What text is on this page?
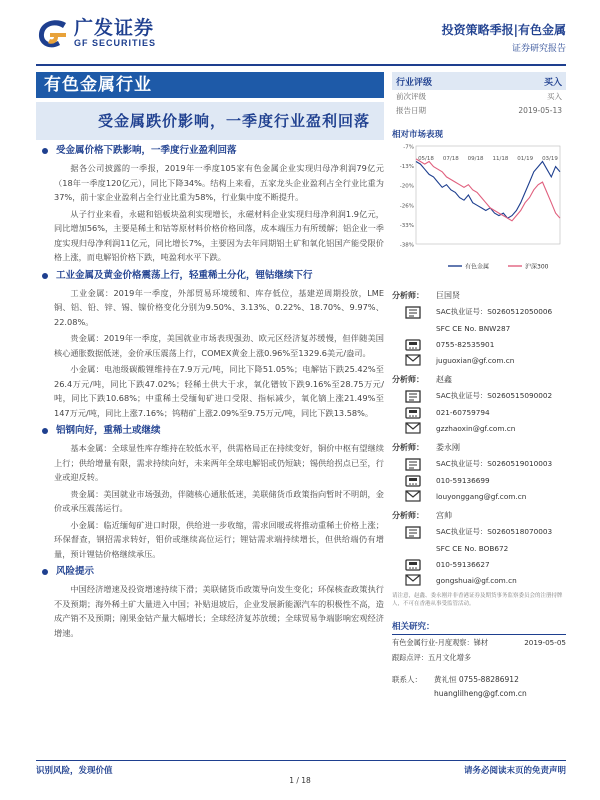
广发证券
GF SECURITIES
投资策略季报|有色金属
证券研究报告
有色金属行业
受金属跌价影响，一季度行业盈利回落
受金属价格下跌影响，一季度行业盈利回落

据各公司披露的一季报，2019年一季度105家有色金属企业实现归母净利润79亿元（18年一季度120亿元），同比下降34%。结构上来看，五家龙头企业盈利占全行业比重为37%，前十家企业盈利占全行业比重为58%，行业集中度不断提升。

从子行业来看，永磁和铝板块盈利实现增长，永磁材料企业实现归母净利润1.9亿元，同比增加56%，主要是稀土和钴等原材料价格价格回落，成本端压力有所缓解；铝企业一季度实现归母净利润11亿元，同比增长7%，主要因为去年同期铝土矿和氧化铝国产能受限价格上涨，而电解铝价格下跌，吨盈利水平下跌。

工业金属及黄金价格震荡上行，轻重稀土分化，锂钴继续下行

工业金属：2019年一季度，外部贸易环境缓和、库存低位，基建逆周期投放，LME铜、铝、铅、锌、锡、镍价格变化分别为9.50%、3.13%、0.22%、18.70%、9.97%、22.08%。

贵金属：2019年一季度，美国就业市场表现强劲、欧元区经济复苏缓慢，但伴随美国核心通胀数据低迷，金价承压震荡上行，COMEX黄金上涨0.96%至1329.6美元/盎司。

小金属：电池级碳酸锂维持在7.9万元/吨，同比下降51.05%；电解钴下跌25.42%至26.4万元/吨，同比下跌47.02%；轻稀土供大于求，氧化镨钕下跌9.16%至28.75万元/吨，同比下跌10.68%；中重稀土受缅甸矿进口受限、指标减少，氧化镝上涨21.49%至147万元/吨，同比上涨7.16%；钨精矿上涨2.09%至9.75万元/吨，同比下跌13.58%。

铝钢向好，重稀土或继续

基本金属：全球显性库存维持在较低水平，供需格局正在持续变好，铜价中枢有望继续上行；供给增量有限，需求持续向好，未来两年全球电解铝或仍短缺；锡供给拐点已至，行业或迎反转。

贵金属：美国就业市场强劲，伴随核心通胀低迷，美联储货币政策指向暂时不明朗，金价或承压震荡运行。

小金属：临近缅甸矿进口时限，供给进一步收缩，需求回暖或将推动重稀土价格上涨；环保督查，钢招需求转好，钼价或继续高位运行；锂钴需求端持续增长，但供给端仍有增量，预计锂钴价格继续承压。

风险提示

中国经济增速及投资增速持续下滑；美联储货币政策导向发生变化；环保核查政策执行不及预期；海外稀土矿大量进入中国；补贴退坡后，企业发展新能源汽车的积极性不高，造成产销不及预期；刚果金钴产量大幅增长；全球经济复苏放缓；全球贸易争端影响宏观经济增速。

行业评级	买入
前次评级	买入
报告日期	2019-05-13
相对市场表现
-7%
-13%
-20%
-26%
-33%
-38%
05/18 07/18 09/18 11/18 01/19 03/19
有色金属	沪深300
分析师：	巨国贤
SAC执业证号：S0260512050006
SFC CE No. BNW287
0755-82535901
juguoxian@gf.com.cn
分析师：	赵鑫
SAC执业证号：S0260515090002
021-60759794
gzzhaoxin@gf.com.cn
分析师：	娄永刚
SAC执业证号：S0260519010003
010-59136699
louyonggang@gf.com.cn
分析师：	宫帅
SAC执业证号：S0260518070003
SFC CE No. BOB672
010-59136627
gongshuai@gf.com.cn
请注意，赵鑫、娄永刚并非香港证券及期货事务监察委员会的注册持牌人，不可在香港从事受监管活动。
相关研究：
有色金属行业-月度观察：锑材	2019-05-05
跟踪点评：五月文化增多
联系人：	黄礼恒 0755-88286912
huanglilheng@gf.com.cn
识别风险，发现价值	请务必阅读末页的免责声明
1 / 18
